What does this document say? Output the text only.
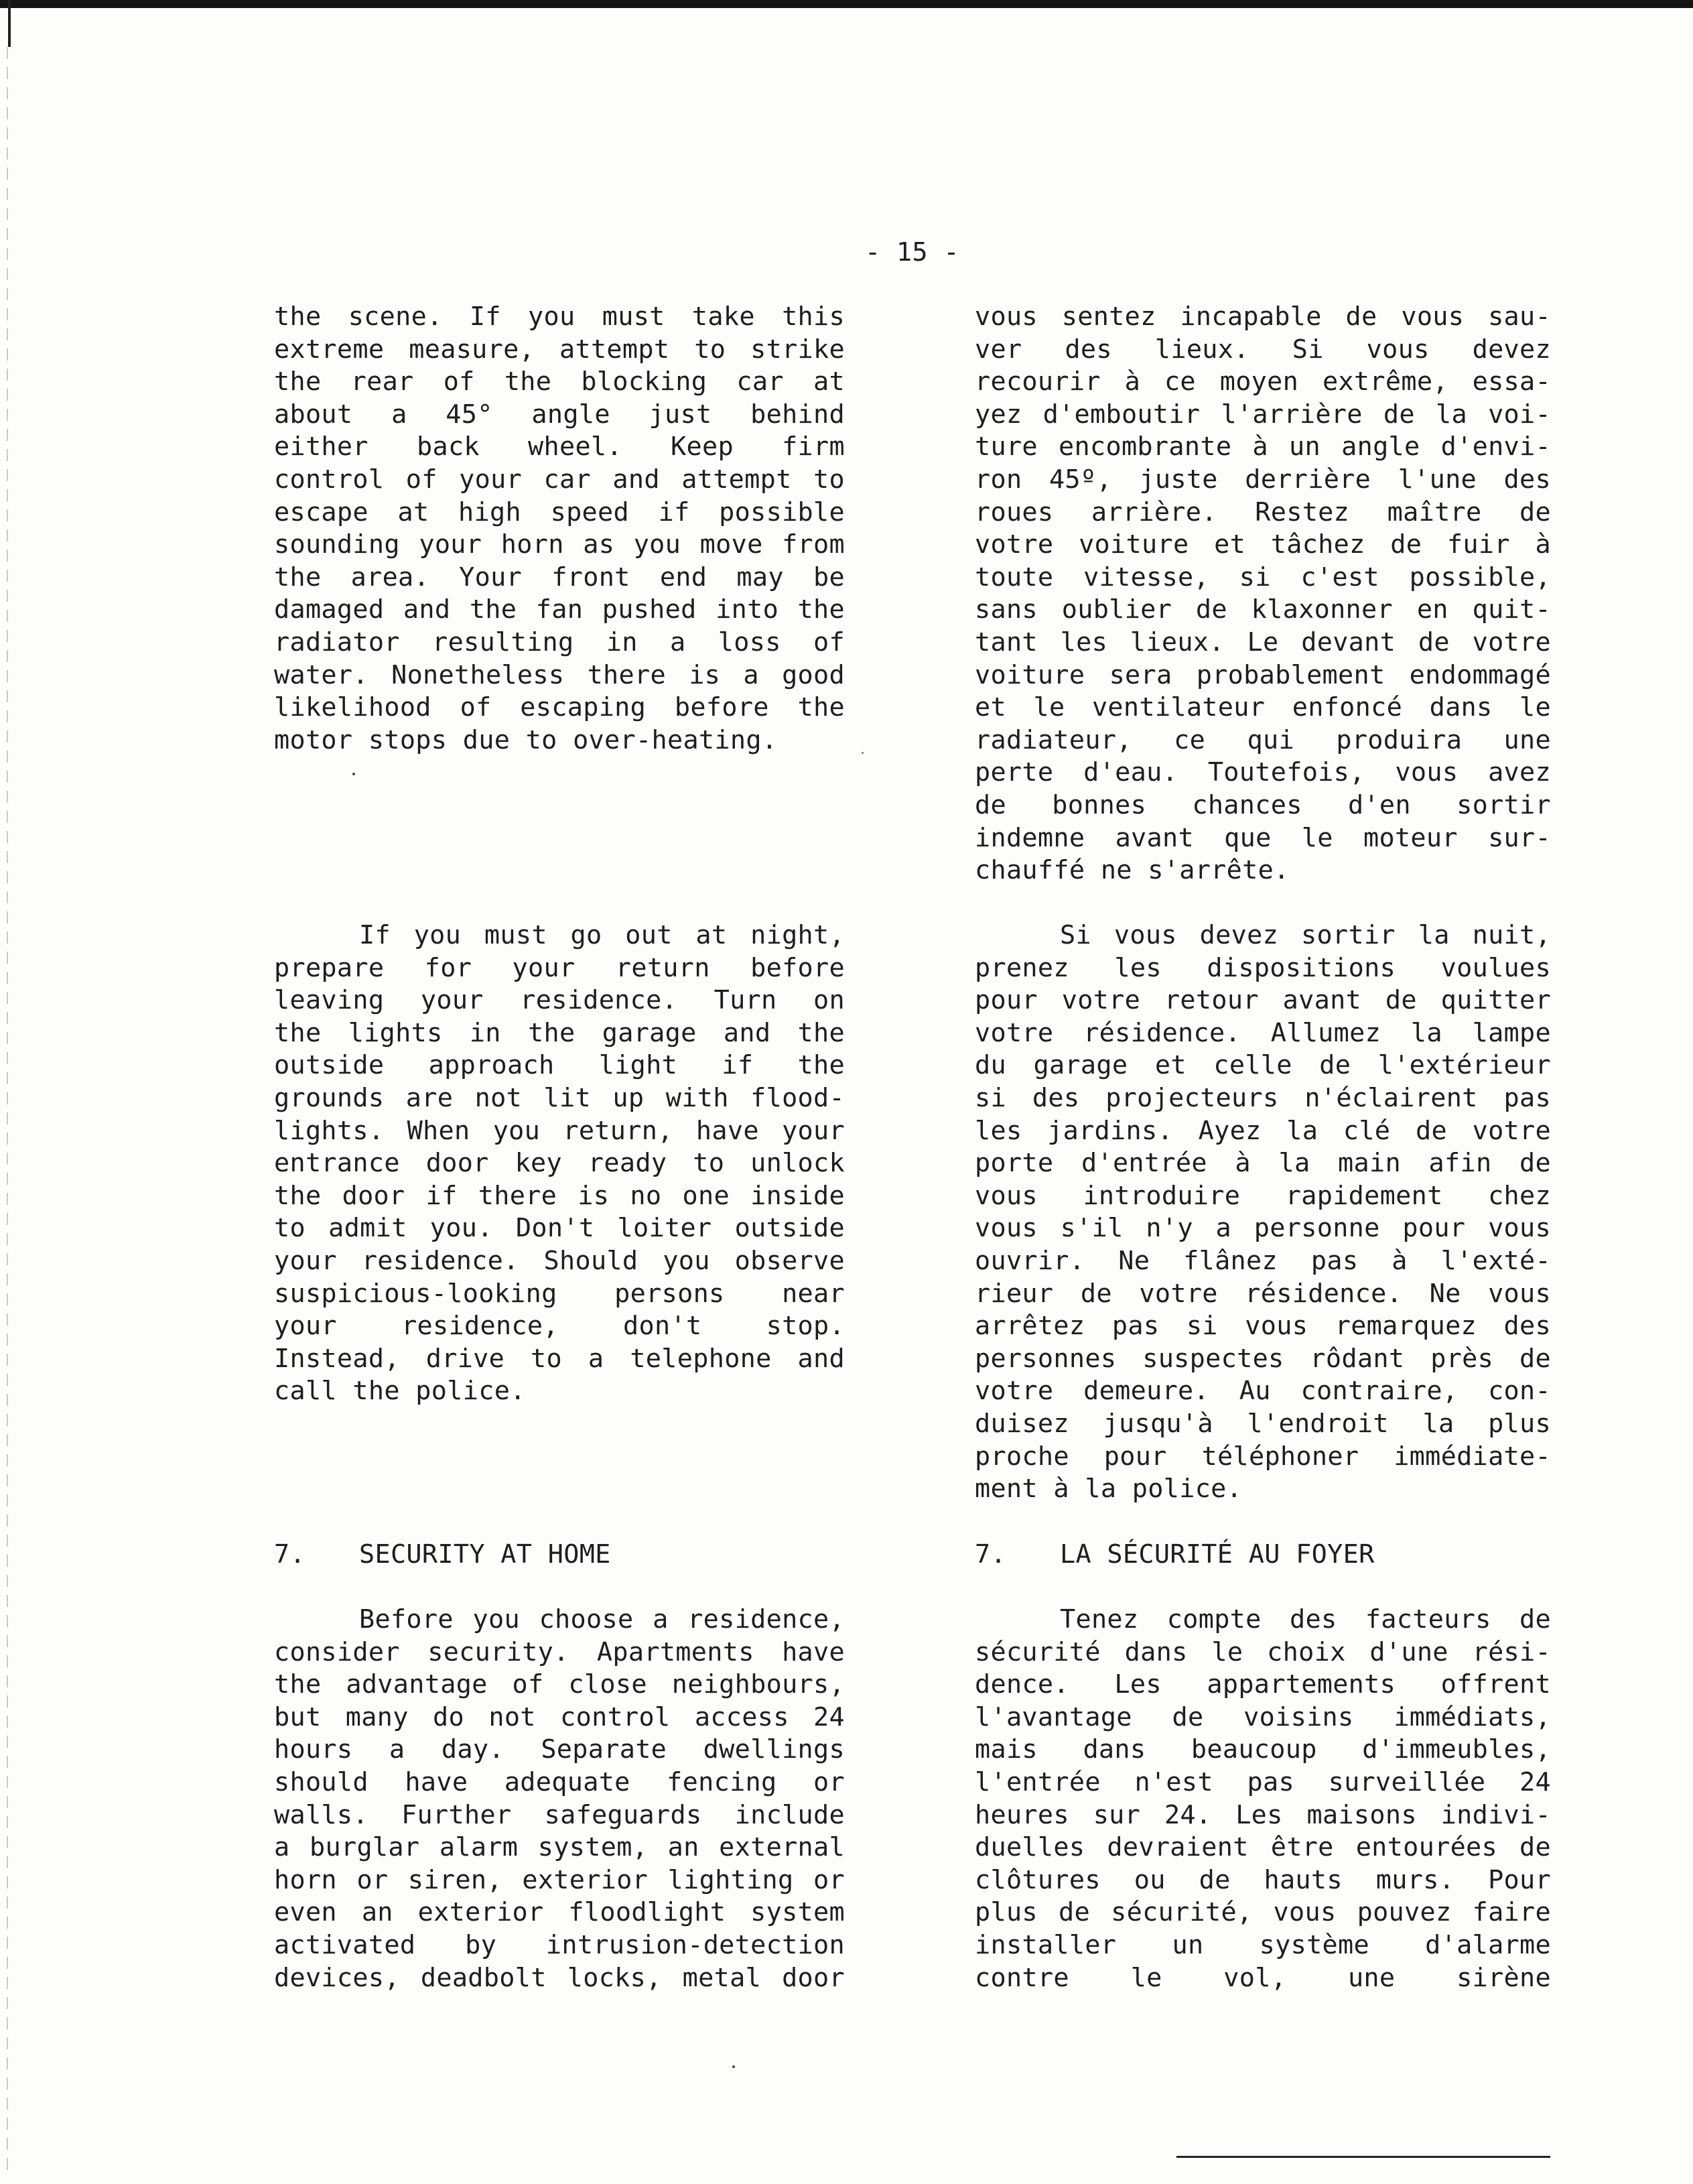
- 15 -
the scene. If you must take this
extreme measure, attempt to strike
the rear of the blocking car at
about a 45° angle just behind
either back wheel. Keep firm
control of your car and attempt to
escape at high speed if possible
sounding your horn as you move from
the area. Your front end may be
damaged and the fan pushed into the
radiator resulting in a loss of
water. Nonetheless there is a good
likelihood of escaping before the
motor stops due to over-heating.
If you must go out at night,
prepare for your return before
leaving your residence. Turn on
the lights in the garage and the
outside approach light if the
grounds are not lit up with flood-
lights. When you return, have your
entrance door key ready to unlock
the door if there is no one inside
to admit you. Don't loiter outside
your residence. Should you observe
suspicious-looking persons near
your residence, don't stop.
Instead, drive to a telephone and
call the police.
7. SECURITY AT HOME
Before you choose a residence,
consider security. Apartments have
the advantage of close neighbours,
but many do not control access 24
hours a day. Separate dwellings
should have adequate fencing or
walls. Further safeguards include
a burglar alarm system, an external
horn or siren, exterior lighting or
even an exterior floodlight system
activated by intrusion-detection
devices, deadbolt locks, metal door
vous sentez incapable de vous sau-
ver des lieux. Si vous devez
recourir à ce moyen extrême, essa-
yez d'emboutir l'arrière de la voi-
ture encombrante à un angle d'envi-
ron 45º, juste derrière l'une des
roues arrière. Restez maître de
votre voiture et tâchez de fuir à
toute vitesse, si c'est possible,
sans oublier de klaxonner en quit-
tant les lieux. Le devant de votre
voiture sera probablement endommagé
et le ventilateur enfoncé dans le
radiateur, ce qui produira une
perte d'eau. Toutefois, vous avez
de bonnes chances d'en sortir
indemne avant que le moteur sur-
chauffé ne s'arrête.
Si vous devez sortir la nuit,
prenez les dispositions voulues
pour votre retour avant de quitter
votre résidence. Allumez la lampe
du garage et celle de l'extérieur
si des projecteurs n'éclairent pas
les jardins. Ayez la clé de votre
porte d'entrée à la main afin de
vous introduire rapidement chez
vous s'il n'y a personne pour vous
ouvrir. Ne flânez pas à l'exté-
rieur de votre résidence. Ne vous
arrêtez pas si vous remarquez des
personnes suspectes rôdant près de
votre demeure. Au contraire, con-
duisez jusqu'à l'endroit la plus
proche pour téléphoner immédiate-
ment à la police.
7. LA SÉCURITÉ AU FOYER
Tenez compte des facteurs de
sécurité dans le choix d'une rési-
dence. Les appartements offrent
l'avantage de voisins immédiats,
mais dans beaucoup d'immeubles,
l'entrée n'est pas surveillée 24
heures sur 24. Les maisons indivi-
duelles devraient être entourées de
clôtures ou de hauts murs. Pour
plus de sécurité, vous pouvez faire
installer un système d'alarme
contre le vol, une sirène
